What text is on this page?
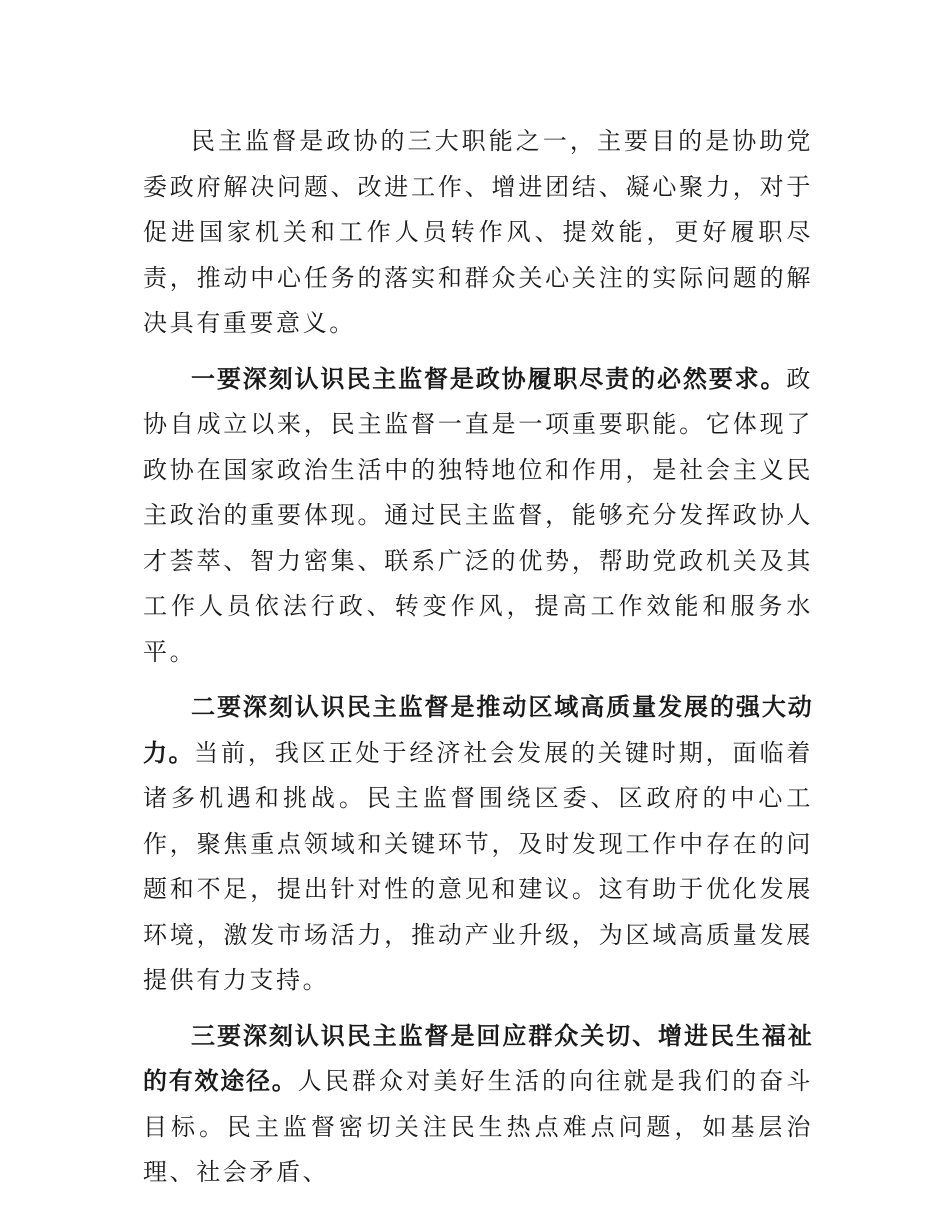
民主监督是政协的三大职能之一，主要目的是协助党委政府解决问题、改进工作、增进团结、凝心聚力，对于促进国家机关和工作人员转作风、提效能，更好履职尽责，推动中心任务的落实和群众关心关注的实际问题的解决具有重要意义。

一要深刻认识民主监督是政协履职尽责的必然要求。政协自成立以来，民主监督一直是一项重要职能。它体现了政协在国家政治生活中的独特地位和作用，是社会主义民主政治的重要体现。通过民主监督，能够充分发挥政协人才荟萃、智力密集、联系广泛的优势，帮助党政机关及其工作人员依法行政、转变作风，提高工作效能和服务水平。

二要深刻认识民主监督是推动区域高质量发展的强大动力。当前，我区正处于经济社会发展的关键时期，面临着诸多机遇和挑战。民主监督围绕区委、区政府的中心工作，聚焦重点领域和关键环节，及时发现工作中存在的问题和不足，提出针对性的意见和建议。这有助于优化发展环境，激发市场活力，推动产业升级，为区域高质量发展提供有力支持。

三要深刻认识民主监督是回应群众关切、增进民生福祉的有效途径。人民群众对美好生活的向往就是我们的奋斗目标。民主监督密切关注民生热点难点问题，如基层治理、社会矛盾、
